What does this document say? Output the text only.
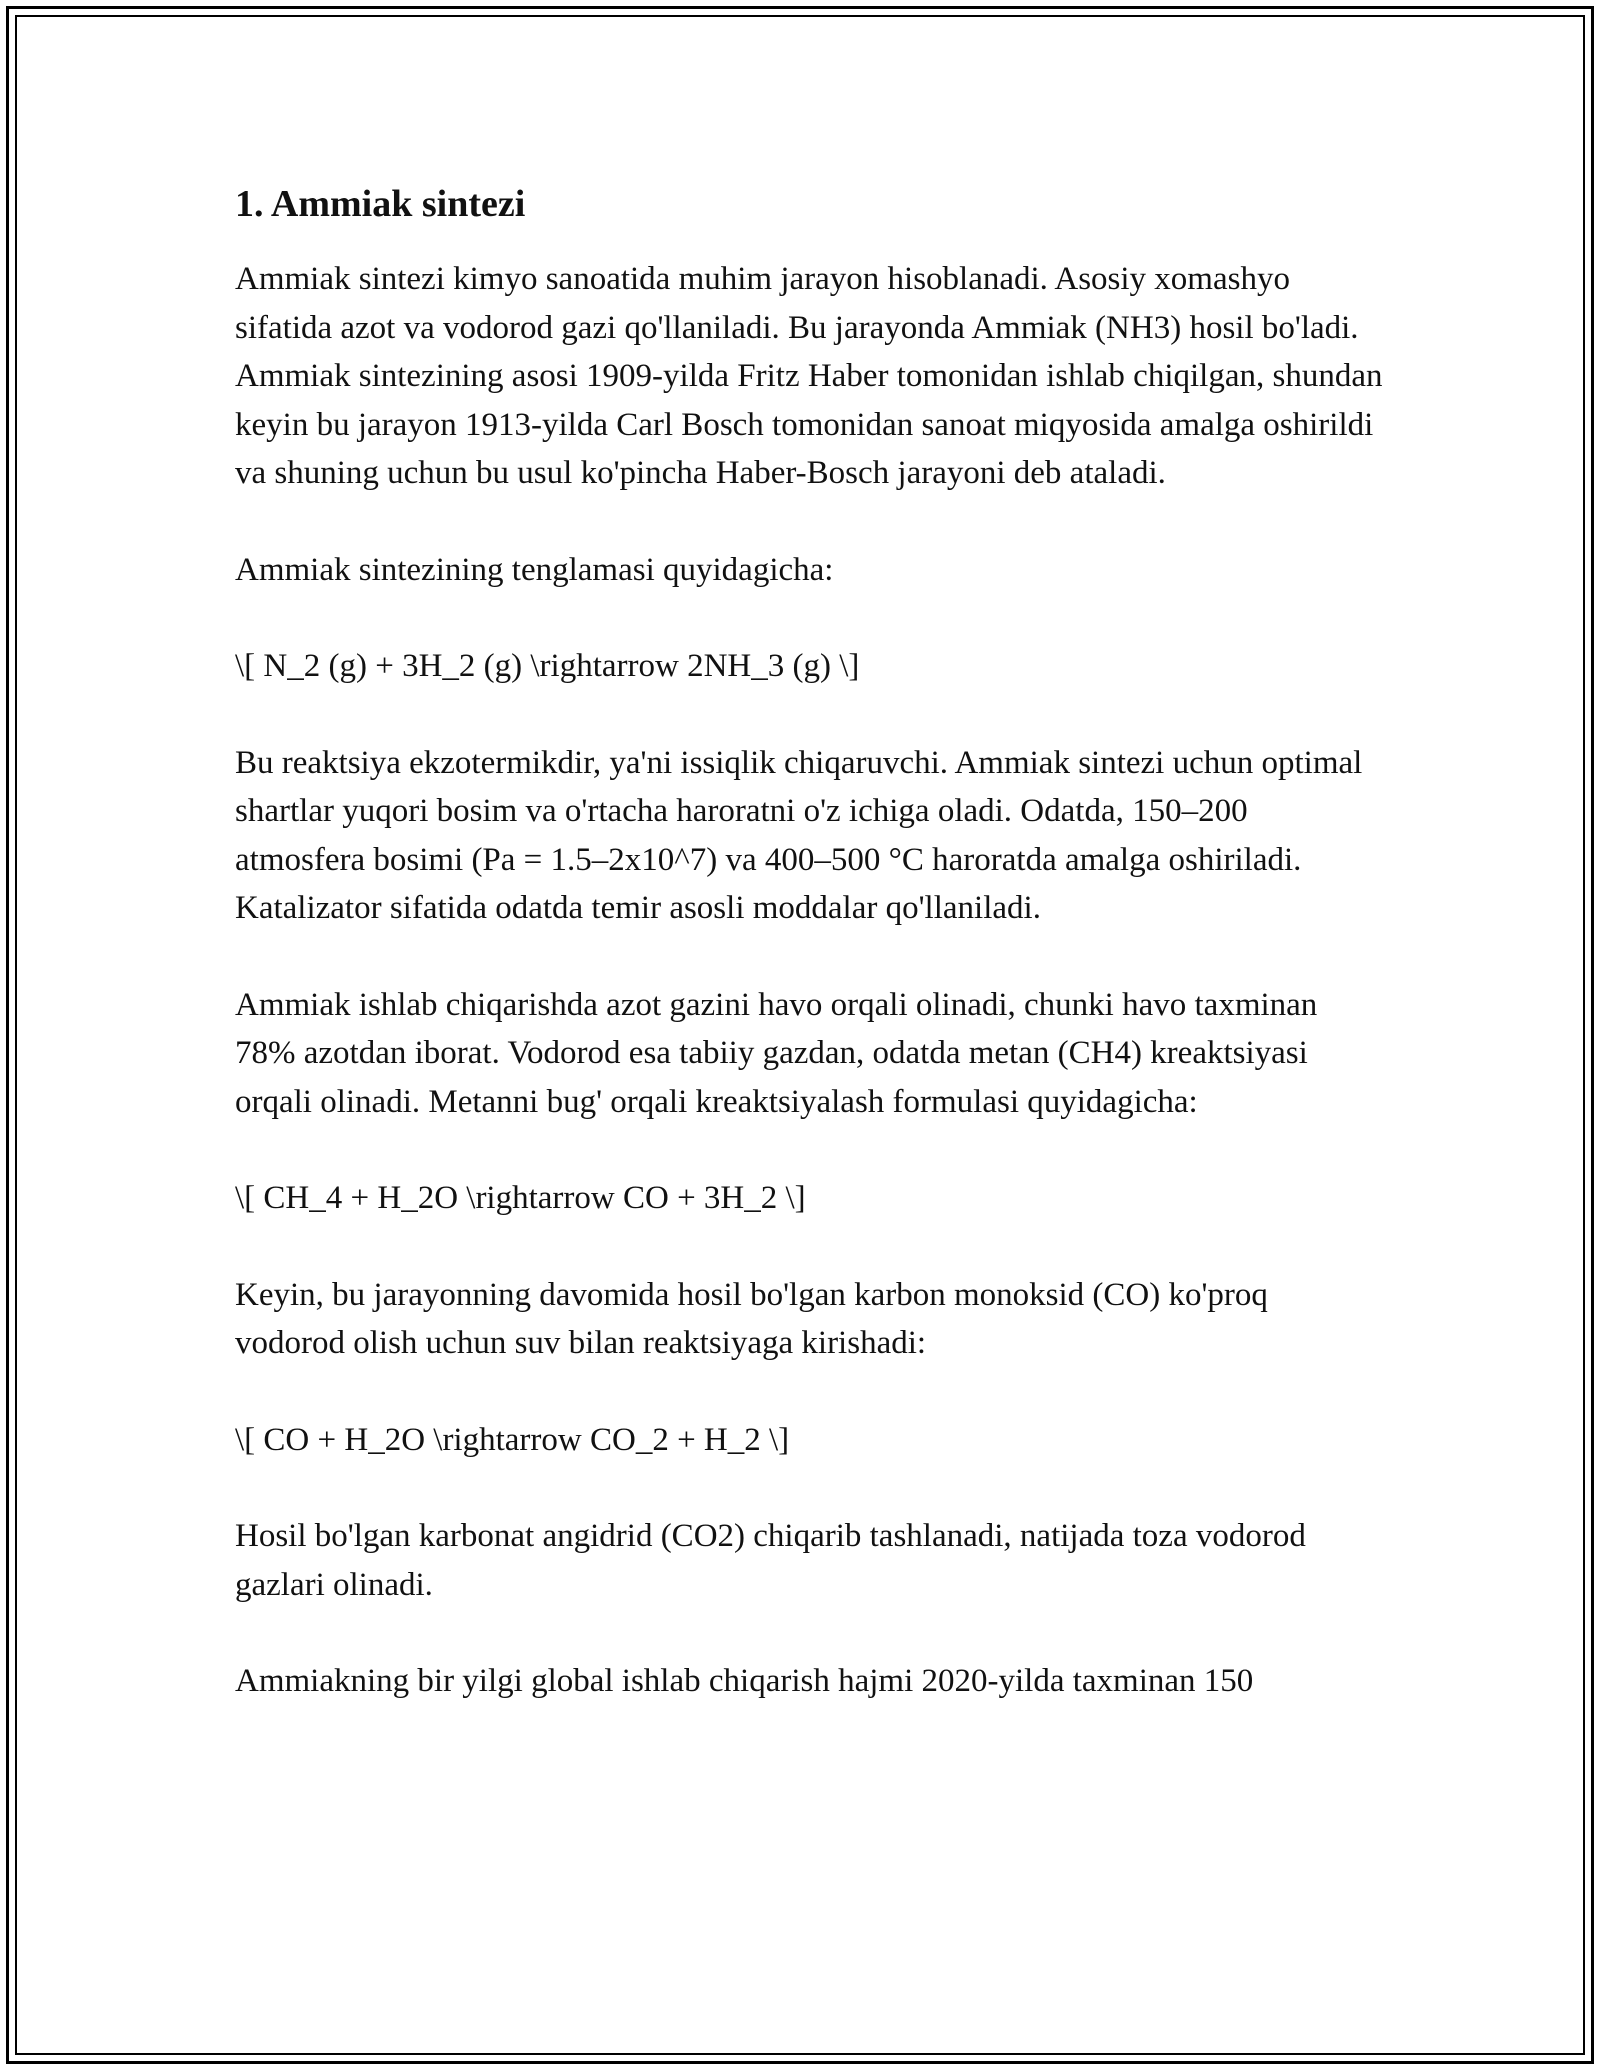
1. Ammiak sintezi

Ammiak sintezi kimyo sanoatida muhim jarayon hisoblanadi. Asosiy xomashyo sifatida azot va vodorod gazi qo'llaniladi. Bu jarayonda Ammiak (NH3) hosil bo'ladi. Ammiak sintezining asosi 1909-yilda Fritz Haber tomonidan ishlab chiqilgan, shundan keyin bu jarayon 1913-yilda Carl Bosch tomonidan sanoat miqyosida amalga oshirildi va shuning uchun bu usul ko'pincha Haber-Bosch jarayoni deb ataladi.

Ammiak sintezining tenglamasi quyidagicha:

\[ N_2 (g) + 3H_2 (g) \rightarrow 2NH_3 (g) \]

Bu reaktsiya ekzotermikdir, ya'ni issiqlik chiqaruvchi. Ammiak sintezi uchun optimal shartlar yuqori bosim va o'rtacha haroratni o'z ichiga oladi. Odatda, 150–200 atmosfera bosimi (Pa = 1.5–2x10^7) va 400–500 °C haroratda amalga oshiriladi. Katalizator sifatida odatda temir asosli moddalar qo'llaniladi.

Ammiak ishlab chiqarishda azot gazini havo orqali olinadi, chunki havo taxminan 78% azotdan iborat. Vodorod esa tabiiy gazdan, odatda metan (CH4) kreaktsiyasi orqali olinadi. Metanni bug' orqali kreaktsiyalash formulasi quyidagicha:

\[ CH_4 + H_2O \rightarrow CO + 3H_2 \]

Keyin, bu jarayonning davomida hosil bo'lgan karbon monoksid (CO) ko'proq vodorod olish uchun suv bilan reaktsiyaga kirishadi:

\[ CO + H_2O \rightarrow CO_2 + H_2 \]

Hosil bo'lgan karbonat angidrid (CO2) chiqarib tashlanadi, natijada toza vodorod gazlari olinadi.

Ammiakning bir yilgi global ishlab chiqarish hajmi 2020-yilda taxminan 150
